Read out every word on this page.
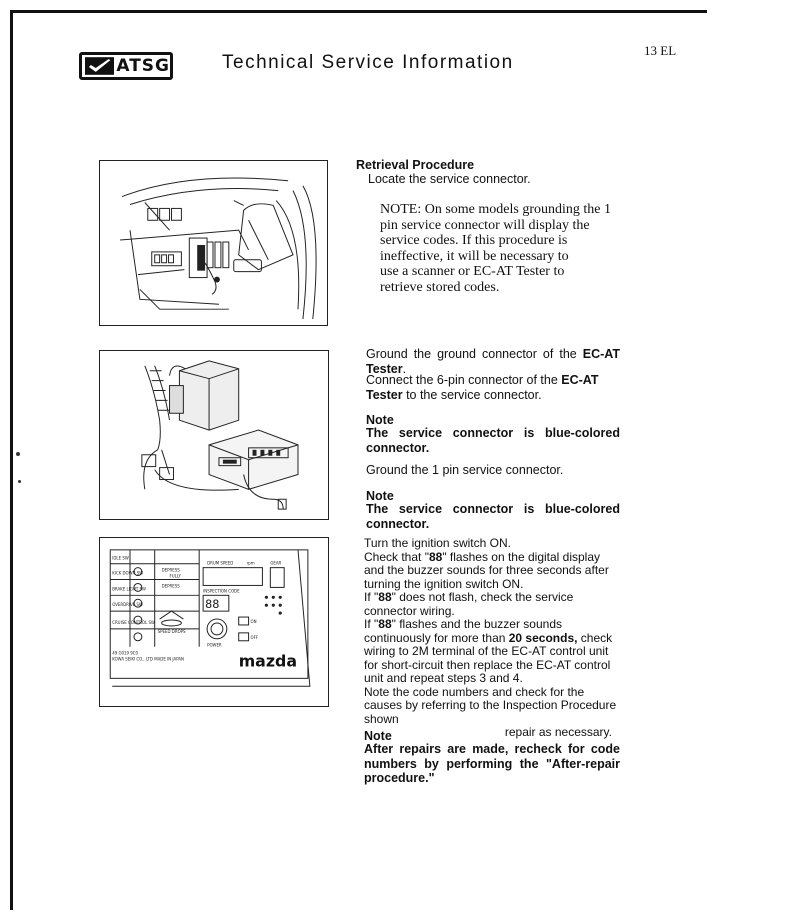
ATSG	Technical Service Information
13 EL
IDLE SW
KICK DOWN SW
BRAKE LIGHT SW
OVERDRIVE SW
CRUISE CONTROL SW
DEPRESS
FULLY
DEPRESS
DRUM SPEED	rpm	GEAR
INSPECTION CODE
SPEED DROPS
ON
OFF
POWER
49 G019 9C0
KOWA SEIKI CO., LTD MADE IN JAPAN
88
mazda
Retrieval Procedure
Locate the service connector.
NOTE: On some models grounding the 1
pin service connector will display the
service codes. If this procedure is
ineffective, it will be necessary to
use a scanner or EC-AT Tester to
retrieve stored codes.
Ground the ground connector of the EC-AT Tester.
Connect the 6-pin connector of the EC-AT Tester to the service connector.
Note
The service connector is blue-colored connector.
Ground the 1 pin service connector.
Note
The service connector is blue-colored connector.
Turn the ignition switch ON.
Check that "88" flashes on the digital display and the buzzer sounds for three seconds after turning the ignition switch ON.
If "88" does not flash, check the service connector wiring.
If "88" flashes and the buzzer sounds continuously for more than 20 seconds, check wiring to 2M terminal of the EC-AT control unit for short-circuit then replace the EC-AT control unit and repeat steps 3 and 4.
Note the code numbers and check for the causes by referring to the Inspection Procedure shown
repair as necessary.
Note
After repairs are made, recheck for code numbers by performing the "After-repair procedure."
